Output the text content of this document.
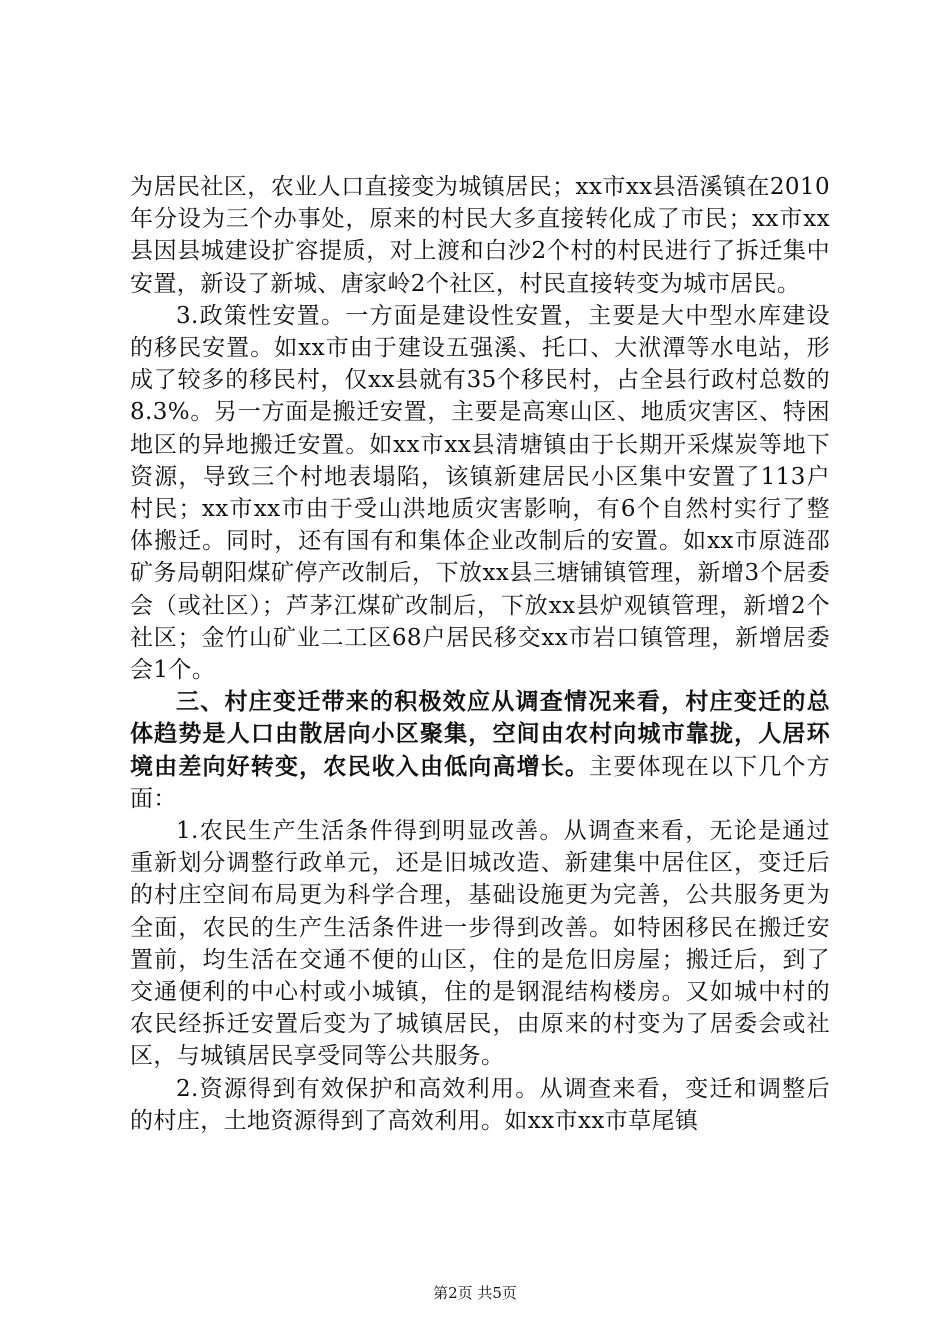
为居民社区，农业人口直接变为城镇居民；xx市xx县浯溪镇在2010年分设为三个办事处，原来的村民大多直接转化成了市民；xx市xx县因县城建设扩容提质，对上渡和白沙2个村的村民进行了拆迁集中安置，新设了新城、唐家岭2个社区，村民直接转变为城市居民。

3.政策性安置。一方面是建设性安置，主要是大中型水库建设的移民安置。如xx市由于建设五强溪、托口、大洑潭等水电站，形成了较多的移民村，仅xx县就有35个移民村，占全县行政村总数的8.3%。另一方面是搬迁安置，主要是高寒山区、地质灾害区、特困地区的异地搬迁安置。如xx市xx县清塘镇由于长期开采煤炭等地下资源，导致三个村地表塌陷，该镇新建居民小区集中安置了113户村民；xx市xx市由于受山洪地质灾害影响，有6个自然村实行了整体搬迁。同时，还有国有和集体企业改制后的安置。如xx市原涟邵矿务局朝阳煤矿停产改制后，下放xx县三塘铺镇管理，新增3个居委会（或社区）；芦茅江煤矿改制后，下放xx县炉观镇管理，新增2个社区；金竹山矿业二工区68户居民移交xx市岩口镇管理，新增居委会1个。

三、村庄变迁带来的积极效应从调查情况来看，村庄变迁的总体趋势是人口由散居向小区聚集，空间由农村向城市靠拢，人居环境由差向好转变，农民收入由低向高增长。主要体现在以下几个方面：

1.农民生产生活条件得到明显改善。从调查来看，无论是通过重新划分调整行政单元，还是旧城改造、新建集中居住区，变迁后的村庄空间布局更为科学合理，基础设施更为完善，公共服务更为全面，农民的生产生活条件进一步得到改善。如特困移民在搬迁安置前，均生活在交通不便的山区，住的是危旧房屋；搬迁后，到了交通便利的中心村或小城镇，住的是钢混结构楼房。又如城中村的农民经拆迁安置后变为了城镇居民，由原来的村变为了居委会或社区，与城镇居民享受同等公共服务。

2.资源得到有效保护和高效利用。从调查来看，变迁和调整后的村庄，土地资源得到了高效利用。如xx市xx市草尾镇

第2页 共5页
